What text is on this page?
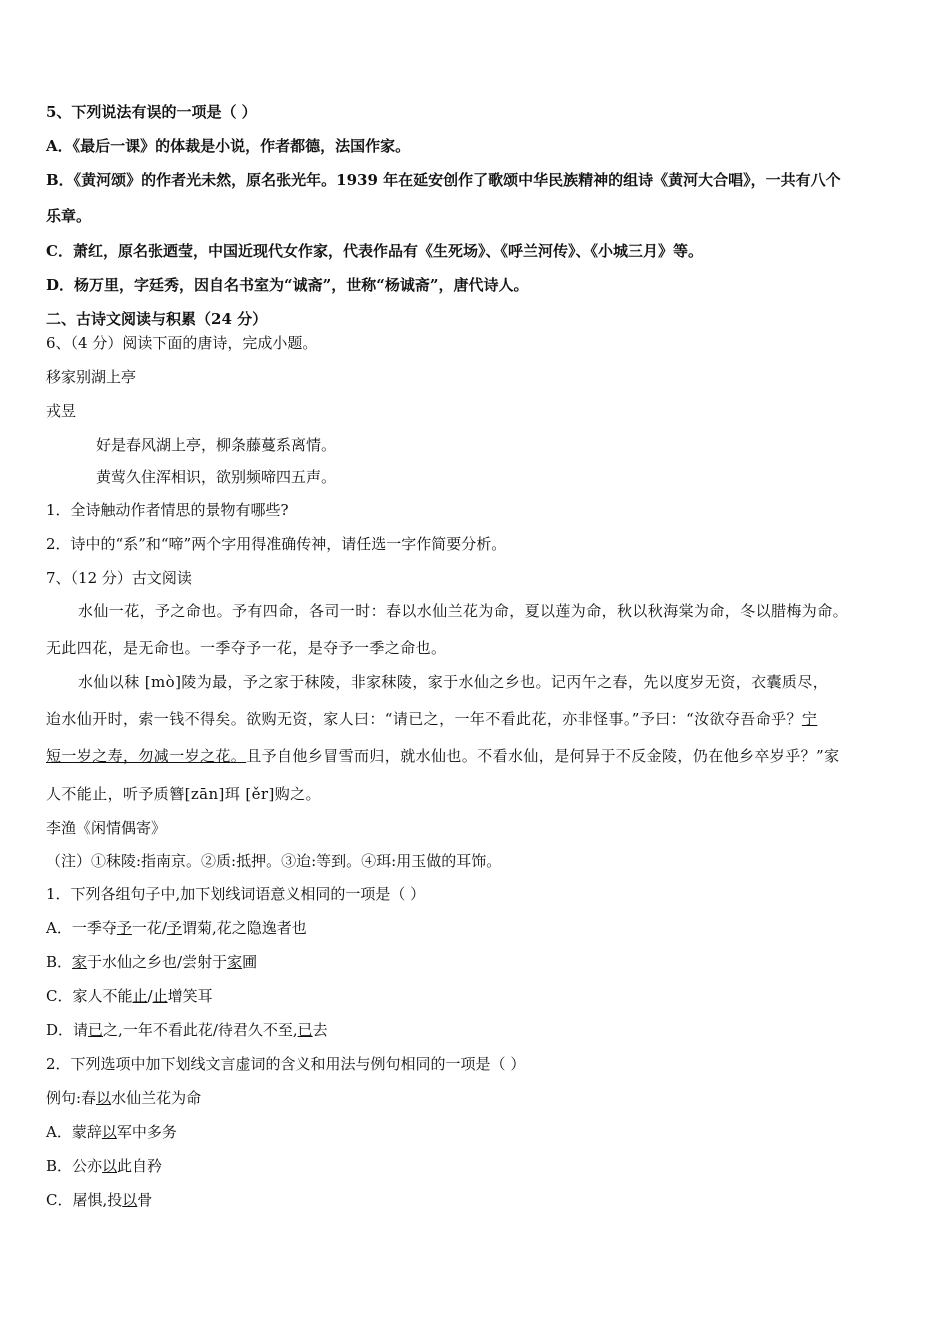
5、下列说法有误的一项是（ ）
A．《最后一课》的体裁是小说，作者都德，法国作家。
B．《黄河颂》的作者光未然，原名张光年。1939 年在延安创作了歌颂中华民族精神的组诗《黄河大合唱》，一共有八个
乐章。
C．萧红，原名张迺莹，中国近现代女作家，代表作品有《生死场》、《呼兰河传》、《小城三月》等。
D．杨万里，字廷秀，因自名书室为“诚斋”，世称“杨诚斋”，唐代诗人。
二、古诗文阅读与积累（24 分）
6、（4 分）阅读下面的唐诗，完成小题。
移家别湖上亭
戎昱
好是春风湖上亭，柳条藤蔓系离情。
黄莺久住浑相识，欲别频啼四五声。
1．全诗触动作者情思的景物有哪些?
2．诗中的“系”和“啼”两个字用得准确传神，请任选一字作简要分析。
7、（12 分）古文阅读
水仙一花，予之命也。予有四命，各司一时：春以水仙兰花为命，夏以莲为命，秋以秋海棠为命，冬以腊梅为命。
无此四花，是无命也。一季夺予一花，是夺予一季之命也。
水仙以秣 [mò]陵为最，予之家于秣陵，非家秣陵，家于水仙之乡也。记丙午之春，先以度岁无资，衣囊质尽，
迨水仙开时，索一钱不得矣。欲购无资，家人曰：“请已之，一年不看此花，亦非怪事。”予曰：“汝欲夺吾命乎？宁
短一岁之寿，勿减一岁之花。且予自他乡冒雪而归，就水仙也。不看水仙，是何异于不反金陵，仍在他乡卒岁乎？”家
人不能止，听予质簪[zān]珥 [ěr]购之。
李渔《闲情偶寄》
（注）①秣陵:指南京。②质:抵押。③迨:等到。④珥:用玉做的耳饰。
1．下列各组句子中,加下划线词语意义相同的一项是（ ）
A．一季夺予一花/予谓菊,花之隐逸者也
B．家于水仙之乡也/尝射于家圃
C．家人不能止/止增笑耳
D．请已之,一年不看此花/待君久不至,已去
2．下列选项中加下划线文言虚词的含义和用法与例句相同的一项是（ ）
例句:春以水仙兰花为命
A．蒙辞以军中多务
B．公亦以此自矜
C．屠惧,投以骨
